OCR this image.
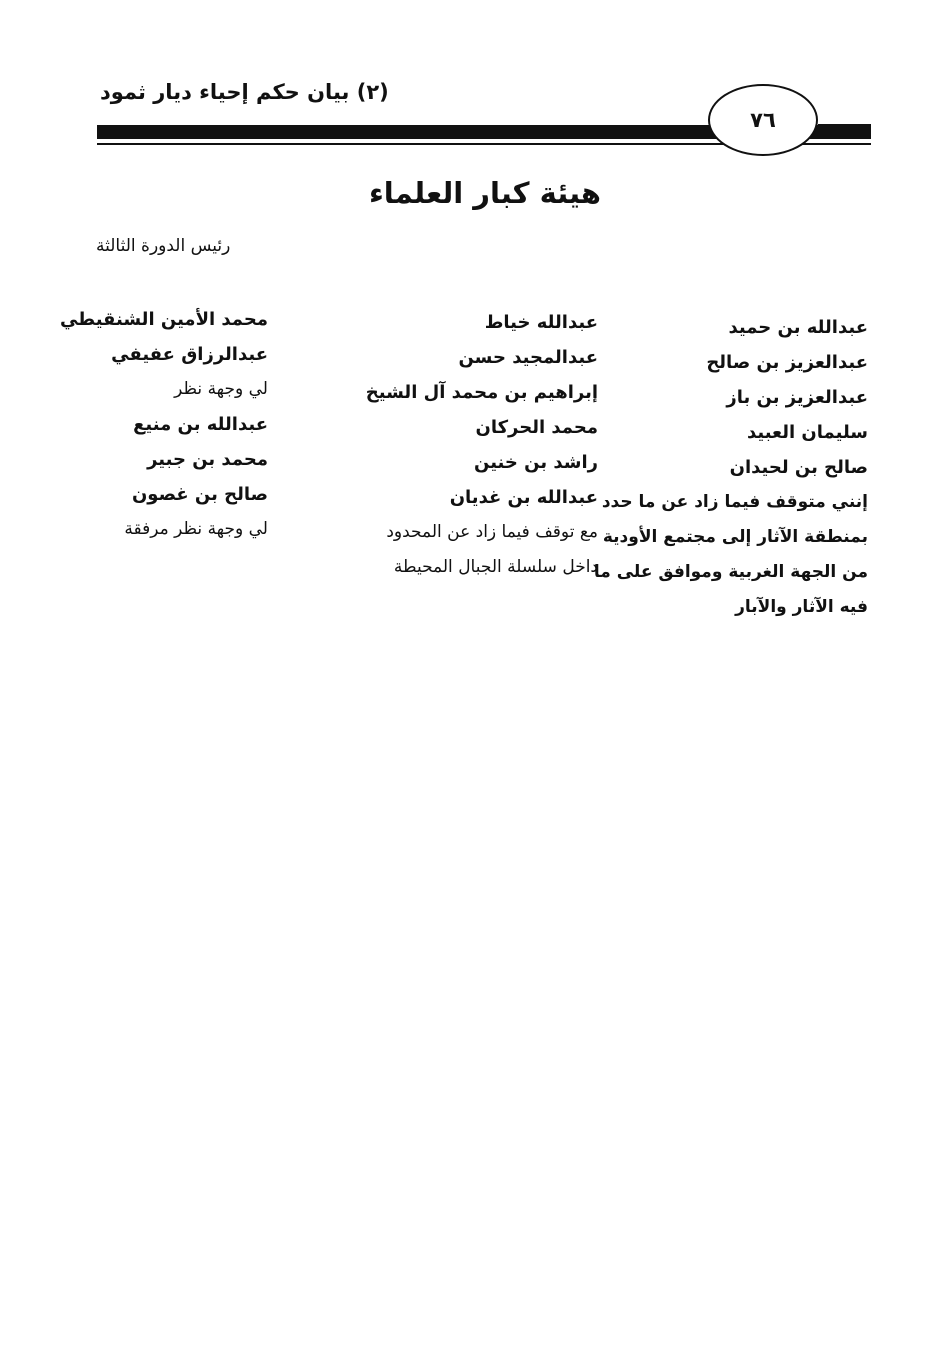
(٢) بيان حكم إحياء ديار ثمود
٧٦
هيئة كبار العلماء
رئيس الدورة الثالثة
عبدالله بن حميد
عبدالعزيز بن صالح
عبدالعزيز بن باز
سليمان العبيد
صالح بن لحيدان
إنني متوقف فيما زاد عن ما حدد
بمنطقة الآثار إلى مجتمع الأودية
من الجهة الغربية وموافق على ما
فيه الآثار والآبار
عبدالله خياط
عبدالمجيد حسن
إبراهيم بن محمد آل الشيخ
محمد الحركان
راشد بن خنين
عبدالله بن غديان
مع توقف فيما زاد عن المحدود
داخل سلسلة الجبال المحيطة
محمد الأمين الشنقيطي
عبدالرزاق عفيفي
لي وجهة نظر
عبدالله بن منيع
محمد بن جبير
صالح بن غصون
لي وجهة نظر مرفقة
